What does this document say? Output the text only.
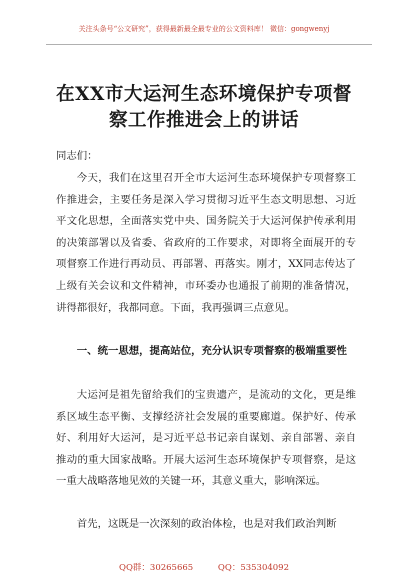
关注头条号“公文研究”，获得最新最全最专业的公文资料库！ 微信：gongwenyj
在XX市大运河生态环境保护专项督察工作推进会上的讲话
同志们：
今天，我们在这里召开全市大运河生态环境保护专项督察工作推进会，主要任务是深入学习贯彻习近平生态文明思想、习近平文化思想，全面落实党中央、国务院关于大运河保护传承利用的决策部署以及省委、省政府的工作要求，对即将全面展开的专项督察工作进行再动员、再部署、再落实。刚才，XX同志传达了上级有关会议和文件精神，市环委办也通报了前期的准备情况，讲得都很好，我都同意。下面，我再强调三点意见。
一、统一思想，提高站位，充分认识专项督察的极端重要性
大运河是祖先留给我们的宝贵遗产，是流动的文化，更是维系区域生态平衡、支撑经济社会发展的重要廊道。保护好、传承好、利用好大运河，是习近平总书记亲自谋划、亲自部署、亲自推动的重大国家战略。开展大运河生态环境保护专项督察，是这一重大战略落地见效的关键一环，其意义重大，影响深远。
首先，这既是一次深刻的政治体检，也是对我们政治判断
QQ群：30265665	QQ：535304092
